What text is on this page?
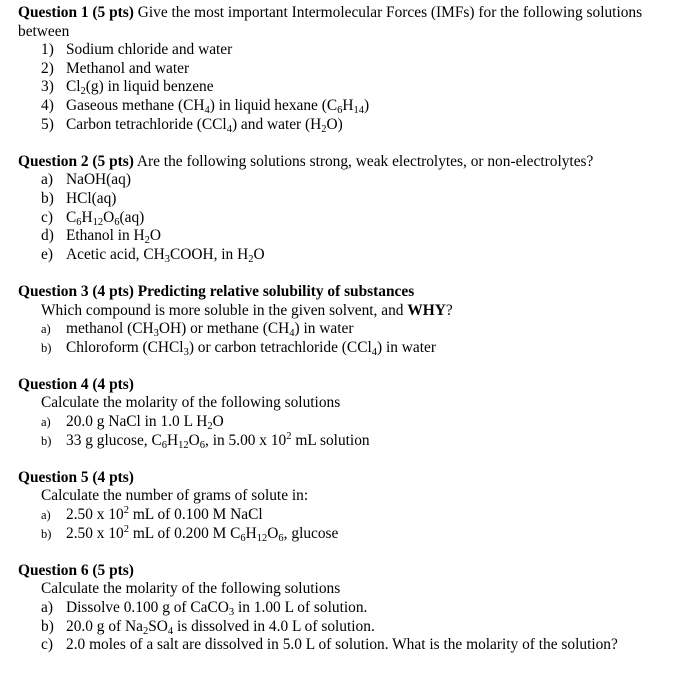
Question 1 (5 pts) Give the most important Intermolecular Forces (IMFs) for the following solutions between
1) Sodium chloride and water
2) Methanol and water
3) $Cl_2(g)$ in liquid benzene
4) Gaseous methane $(CH_4)$ in liquid hexane $(C_6H_{14})$
5) Carbon tetrachloride (CCl$_4$) and water $(H_2O)$
Question 2 (5 pts) Are the following solutions strong, weak electrolytes, or non-electrolytes?
a) NaOH(aq)
b) HCl(aq)
c) $C_6H_{12}O_6(aq)$
d) Ethanol in $H_2O$
e) Acetic acid, $CH_3COOH$, in $H_2O$
Question 3 (4 pts) Predicting relative solubility of substances
Which compound is more soluble in the given solvent, and WHY?
a) methanol $(CH_3OH)$ or methane $(CH_4)$ in water
b) Chloroform (CHCl$_3$) or carbon tetrachloride (CCl$_4$) in water
Question 4 (4 pts)
Calculate the molarity of the following solutions
a) 20.0 g NaCl in 1.0 L $H_2O$
b) 33 g glucose, $C_6H_{12}O_6$, in 5.00 x $10^2$ mL solution
Question 5 (4 pts)
Calculate the number of grams of solute in:
a) 2.50 x $10^2$ mL of 0.100 M NaCl
b) 2.50 x $10^2$ mL of 0.200 M $C_6H_{12}O_6$, glucose
Question 6 (5 pts)
Calculate the molarity of the following solutions
a) Dissolve 0.100 g of CaCO$_3$ in 1.00 L of solution.
b) 20.0 g of $Na_2SO_4$ is dissolved in 4.0 L of solution.
c) 2.0 moles of a salt are dissolved in 5.0 L of solution. What is the molarity of the solution?
